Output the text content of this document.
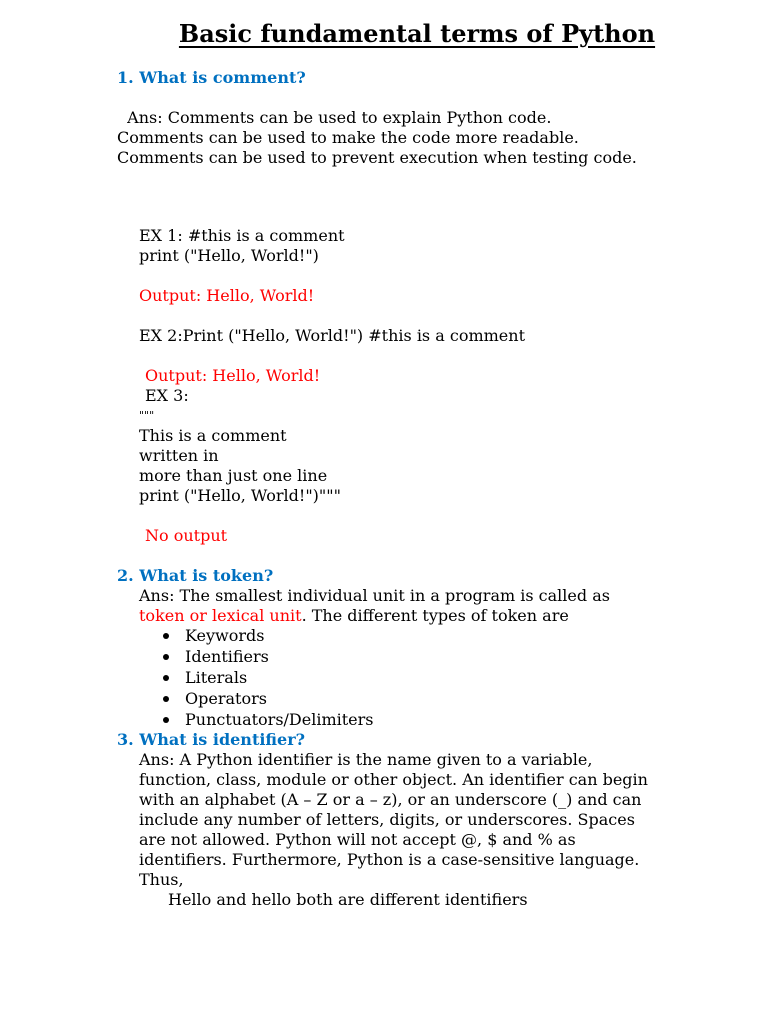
Basic fundamental terms of Python
1. What is comment?
Ans: Comments can be used to explain Python code.
Comments can be used to make the code more readable.
Comments can be used to prevent execution when testing code.
EX 1: #this is a comment
print ("Hello, World!")
Output: Hello, World!
EX 2:Print ("Hello, World!") #this is a comment
Output: Hello, World!
EX 3:
"""
This is a comment
written in
more than just one line
print ("Hello, World!")"""
No output
2. What is token?
Ans: The smallest individual unit in a program is called as
token or lexical unit. The different types of token are
Keywords
Identifiers
Literals
Operators
Punctuators/Delimiters
3. What is identifier?
Ans: A Python identifier is the name given to a variable,
function, class, module or other object. An identifier can begin
with an alphabet (A – Z or a – z), or an underscore (_) and can
include any number of letters, digits, or underscores. Spaces
are not allowed. Python will not accept @, $ and % as
identifiers. Furthermore, Python is a case-sensitive language.
Thus,
Hello and hello both are different identifiers
